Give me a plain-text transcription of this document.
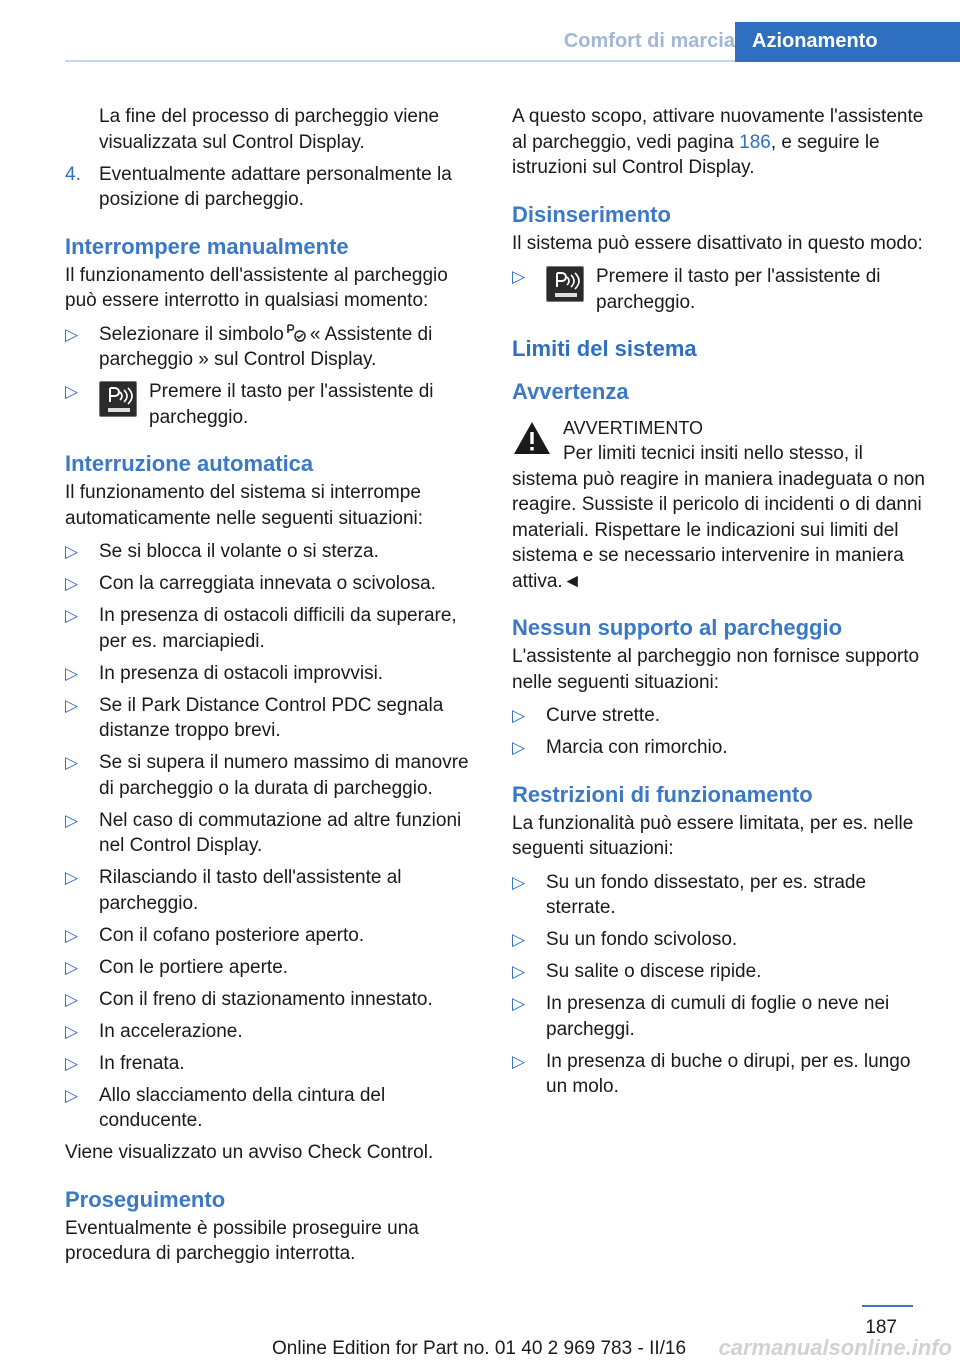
Comfort di marcia Azionamento
La fine del processo di parcheggio viene visualizzata sul Control Display.
4. Eventualmente adattare personalmente la posizione di parcheggio.
Interrompere manualmente

Il funzionamento dell'assistente al parcheggio può essere interrotto in qualsiasi momento:

▷ Selezionare il simbolo « Assistente di parcheggio » sul Control Display.
▷	Premere il tasto per l'assistente di parcheggio.
Interruzione automatica

Il funzionamento del sistema si interrompe automaticamente nelle seguenti situazioni:

▷ Se si blocca il volante o si sterza.
▷ Con la carreggiata innevata o scivolosa.
▷ In presenza di ostacoli difficili da superare, per es. marciapiedi.
▷ In presenza di ostacoli improvvisi.
▷ Se il Park Distance Control PDC segnala distanze troppo brevi.
▷ Se si supera il numero massimo di manovre di parcheggio o la durata di parcheggio.
▷ Nel caso di commutazione ad altre funzioni nel Control Display.
▷ Rilasciando il tasto dell'assistente al parcheggio.
▷ Con il cofano posteriore aperto.
▷ Con le portiere aperte.
▷ Con il freno di stazionamento innestato.
▷ In accelerazione.
▷ In frenata.
▷ Allo slacciamento della cintura del conducente.

Viene visualizzato un avviso Check Control.

Proseguimento

Eventualmente è possibile proseguire una procedura di parcheggio interrotta.

A questo scopo, attivare nuovamente l'assistente al parcheggio, vedi pagina 186, e seguire le istruzioni sul Control Display.

Disinserimento

Il sistema può essere disattivato in questo modo:

▷	Premere il tasto per l'assistente di parcheggio.
Limiti del sistema
Avvertenza
AVVERTIMENTO

Per limiti tecnici insiti nello stesso, il sistema può reagire in maniera inadeguata o non reagire. Sussiste il pericolo di incidenti o di danni materiali. Rispettare le indicazioni sui limiti del sistema e se necessario intervenire in maniera attiva.◄

Nessun supporto al parcheggio

L'assistente al parcheggio non fornisce supporto nelle seguenti situazioni:

▷ Curve strette.
▷ Marcia con rimorchio.
Restrizioni di funzionamento

La funzionalità può essere limitata, per es. nelle seguenti situazioni:

▷ Su un fondo dissestato, per es. strade sterrate.
▷ Su un fondo scivoloso.
▷ Su salite o discese ripide.
▷ In presenza di cumuli di foglie o neve nei parcheggi.
▷ In presenza di buche o dirupi, per es. lungo un molo.
187
Online Edition for Part no. 01 40 2 969 783 - II/16 carmanualsonline.info
